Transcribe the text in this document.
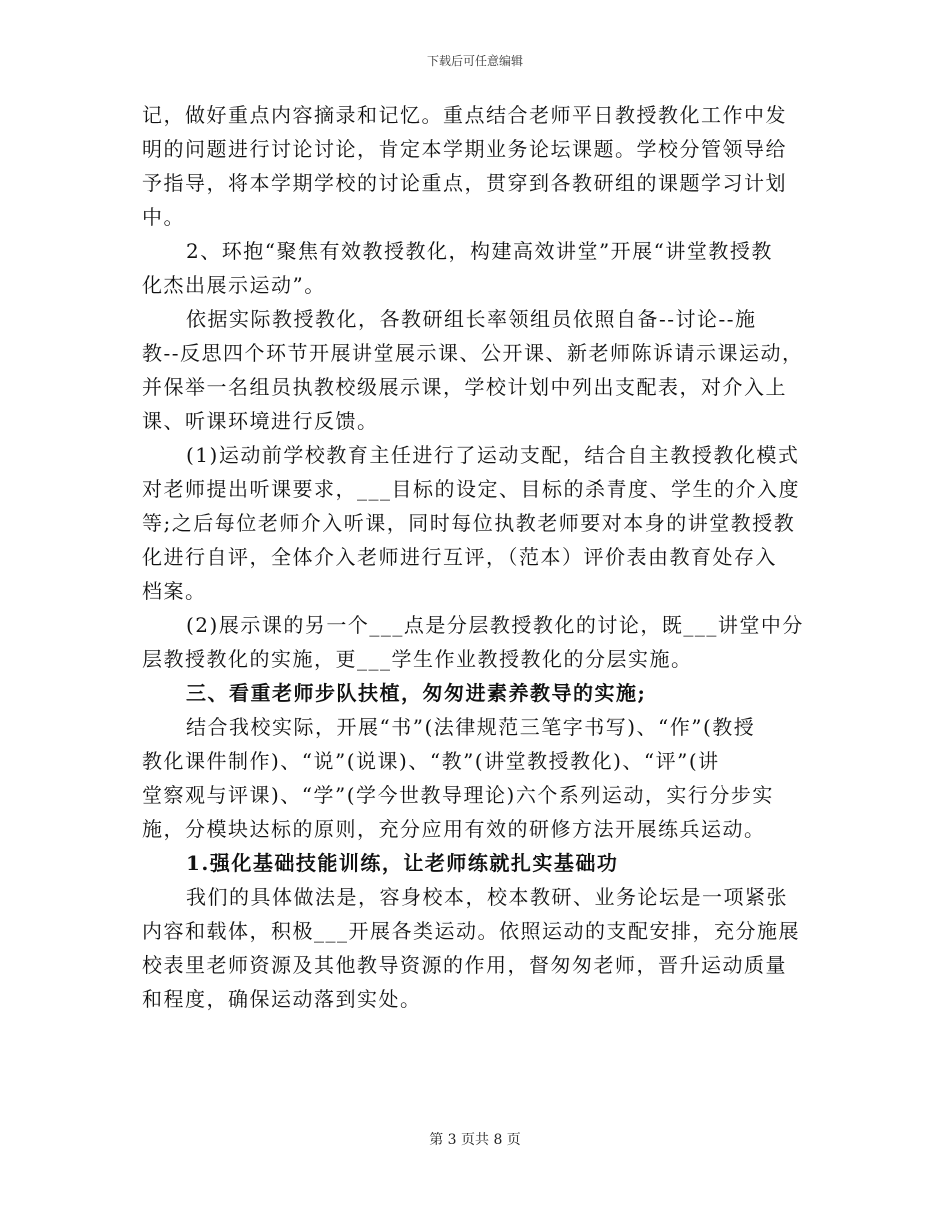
下载后可任意编辑
记，做好重点内容摘录和记忆。重点结合老师平日教授教化工作中发
明的问题进行讨论讨论，肯定本学期业务论坛课题。学校分管领导给
予指导，将本学期学校的讨论重点，贯穿到各教研组的课题学习计划
中。
2、环抱“聚焦有效教授教化，构建高效讲堂”开展“讲堂教授教
化杰出展示运动”。
依据实际教授教化，各教研组长率领组员依照自备--讨论--施
教--反思四个环节开展讲堂展示课、公开课、新老师陈诉请示课运动，
并保举一名组员执教校级展示课，学校计划中列出支配表，对介入上
课、听课环境进行反馈。
(1)运动前学校教育主任进行了运动支配，结合自主教授教化模式
对老师提出听课要求，___目标的设定、目标的杀青度、学生的介入度
等;之后每位老师介入听课，同时每位执教老师要对本身的讲堂教授教
化进行自评，全体介入老师进行互评，（范本）评价表由教育处存入
档案。
(2)展示课的另一个___点是分层教授教化的讨论，既___讲堂中分
层教授教化的实施，更___学生作业教授教化的分层实施。
三、看重老师步队扶植，匆匆进素养教导的实施;
结合我校实际，开展“书”(法律规范三笔字书写)、“作”(教授
教化课件制作)、“说”(说课)、“教”(讲堂教授教化)、“评”(讲
堂察观与评课)、“学”(学今世教导理论)六个系列运动，实行分步实
施，分模块达标的原则，充分应用有效的研修方法开展练兵运动。
1.强化基础技能训练，让老师练就扎实基础功
我们的具体做法是，容身校本，校本教研、业务论坛是一项紧张
内容和载体，积极___开展各类运动。依照运动的支配安排，充分施展
校表里老师资源及其他教导资源的作用，督匆匆老师，晋升运动质量
和程度，确保运动落到实处。
第 3 页共 8 页
